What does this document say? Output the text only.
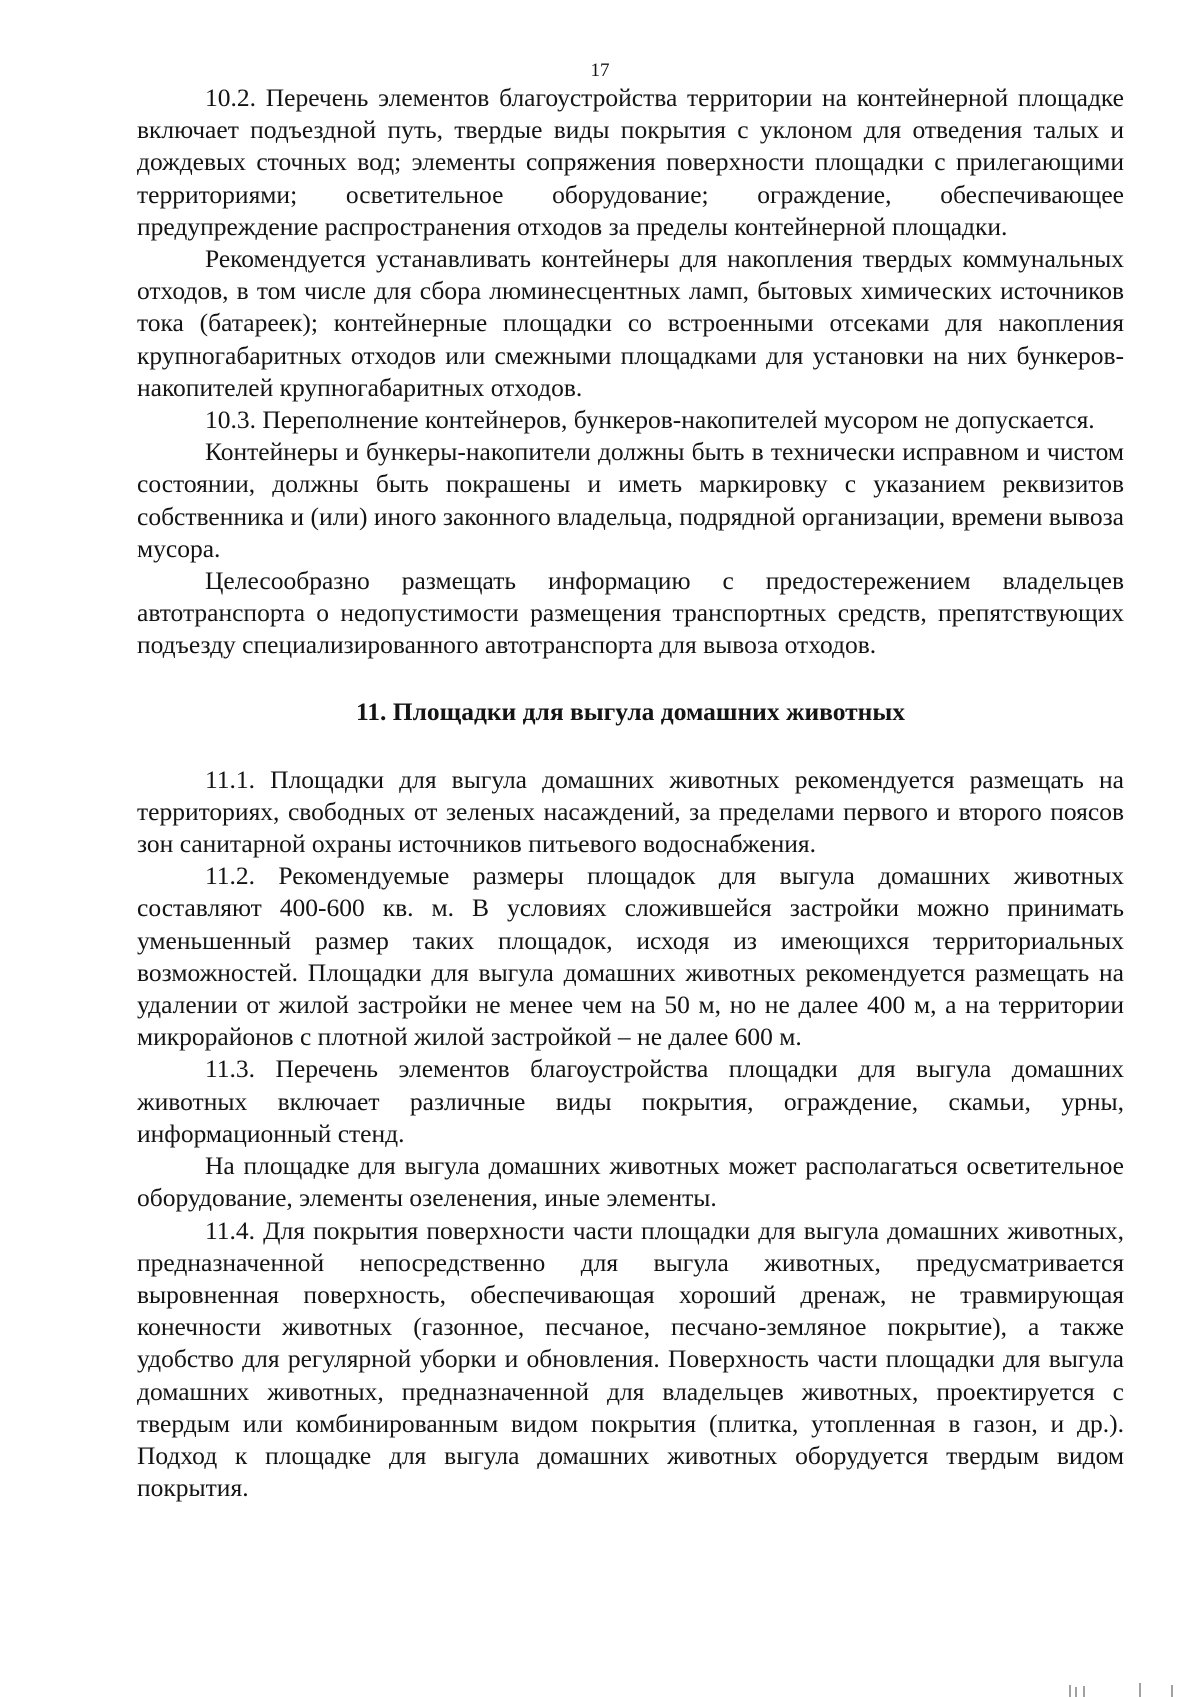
17

10.2. Перечень элементов благоустройства территории на контейнерной площадке включает подъездной путь, твердые виды покрытия с уклоном для отведения талых и дождевых сточных вод; элементы сопряжения поверхности площадки с прилегающими территориями; осветительное оборудование; ограждение, обеспечивающее предупреждение распространения отходов за пределы контейнерной площадки.

Рекомендуется устанавливать контейнеры для накопления твердых коммунальных отходов, в том числе для сбора люминесцентных ламп, бытовых химических источников тока (батареек); контейнерные площадки со встроенными отсеками для накопления крупногабаритных отходов или смежными площадками для установки на них бункеров-накопителей крупногабаритных отходов.

10.3. Переполнение контейнеров, бункеров-накопителей мусором не допускается.

Контейнеры и бункеры-накопители должны быть в технически исправном и чистом состоянии, должны быть покрашены и иметь маркировку с указанием реквизитов собственника и (или) иного законного владельца, подрядной организации, времени вывоза мусора.

Целесообразно размещать информацию с предостережением владельцев автотранспорта о недопустимости размещения транспортных средств, препятствующих подъезду специализированного автотранспорта для вывоза отходов.

11. Площадки для выгула домашних животных

11.1. Площадки для выгула домашних животных рекомендуется размещать на территориях, свободных от зеленых насаждений, за пределами первого и второго поясов зон санитарной охраны источников питьевого водоснабжения.

11.2. Рекомендуемые размеры площадок для выгула домашних животных составляют 400-600 кв. м. В условиях сложившейся застройки можно принимать уменьшенный размер таких площадок, исходя из имеющихся территориальных возможностей. Площадки для выгула домашних животных рекомендуется размещать на удалении от жилой застройки не менее чем на 50 м, но не далее 400 м, а на территории микрорайонов с плотной жилой застройкой – не далее 600 м.

11.3. Перечень элементов благоустройства площадки для выгула домашних животных включает различные виды покрытия, ограждение, скамьи, урны, информационный стенд.

На площадке для выгула домашних животных может располагаться осветительное оборудование, элементы озеленения, иные элементы.

11.4. Для покрытия поверхности части площадки для выгула домашних животных, предназначенной непосредственно для выгула животных, предусматривается выровненная поверхность, обеспечивающая хороший дренаж, не травмирующая конечности животных (газонное, песчаное, песчано-земляное покрытие), а также удобство для регулярной уборки и обновления. Поверхность части площадки для выгула домашних животных, предназначенной для владельцев животных, проектируется с твердым или комбинированным видом покрытия (плитка, утопленная в газон, и др.). Подход к площадке для выгула домашних животных оборудуется твердым видом покрытия.
